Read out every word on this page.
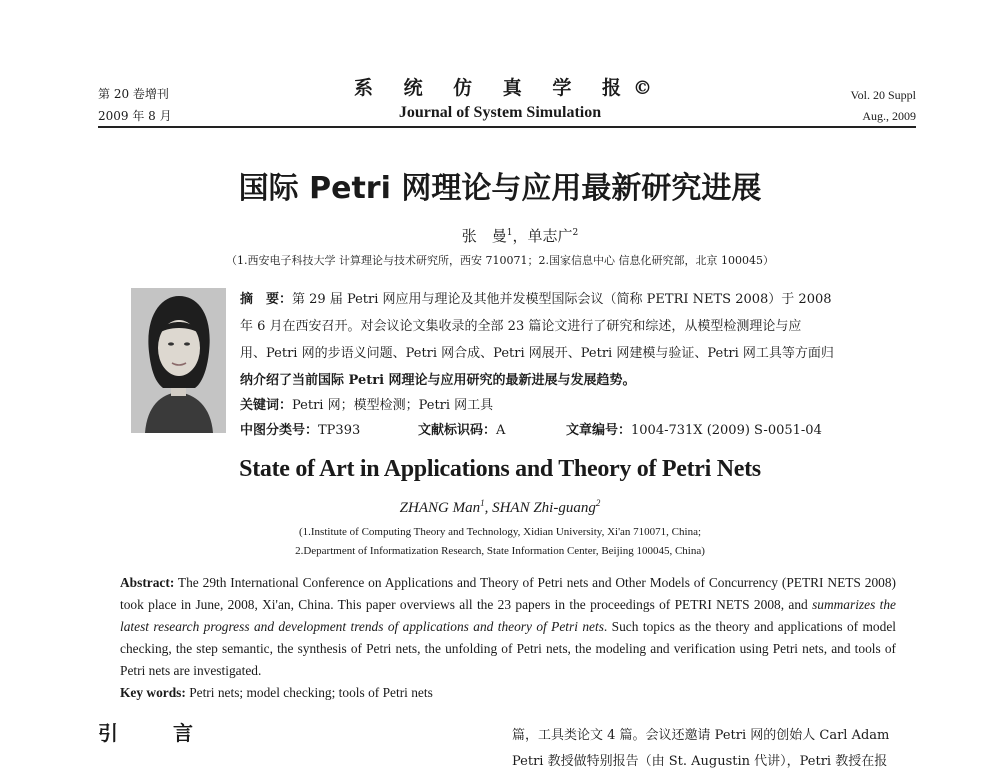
第 20 卷增刊
2009 年 8 月
系 统 仿 真 学 报©
Journal of System Simulation
Vol. 20 Suppl
Aug., 2009
国际 Petri 网理论与应用最新研究进展
张　曼$^1$，单志广$^2$
（1.西安电子科技大学 计算理论与技术研究所，西安 710071；2.国家信息中心 信息化研究部，北京 100045）
摘　要：第 29 届 Petri 网应用与理论及其他并发模型国际会议（简称 PETRI NETS 2008）于 2008
年 6 月在西安召开。对会议论文集收录的全部 23 篇论文进行了研究和综述，从模型检测理论与应
用、Petri 网的步语义问题、Petri 网合成、Petri 网展开、Petri 网建模与验证、Petri 网工具等方面归
纳介绍了当前国际 Petri 网理论与应用研究的最新进展与发展趋势。
关键词：Petri 网；模型检测；Petri 网工具
中图分类号：TP393	文献标识码：A	文章编号：1004-731X (2009) S-0051-04
State of Art in Applications and Theory of Petri Nets
ZHANG Man$^1$, SHAN Zhi-guang$^2$
(1.Institute of Computing Theory and Technology, Xidian University, Xi'an 710071, China;
2.Department of Informatization Research, State Information Center, Beijing 100045, China)
Abstract: The 29th International Conference on Applications and Theory of Petri nets and Other Models of Concurrency (PETRI NETS 2008) took place in June, 2008, Xi'an, China. This paper overviews all the 23 papers in the proceedings of PETRI NETS 2008, and summarizes the latest research progress and development trends of applications and theory of Petri nets. Such topics as the theory and applications of model checking, the step semantic, the synthesis of Petri nets, the unfolding of Petri nets, the modeling and verification using Petri nets, and tools of Petri nets are investigated.
Key words: Petri nets; model checking; tools of Petri nets
引 言	篇，工具类论文 4 篇。会议还邀请 Petri 网的创始人 Carl Adam
Petri 教授做特别报告（由 St. Augustin 代讲），Petri 教授在报
